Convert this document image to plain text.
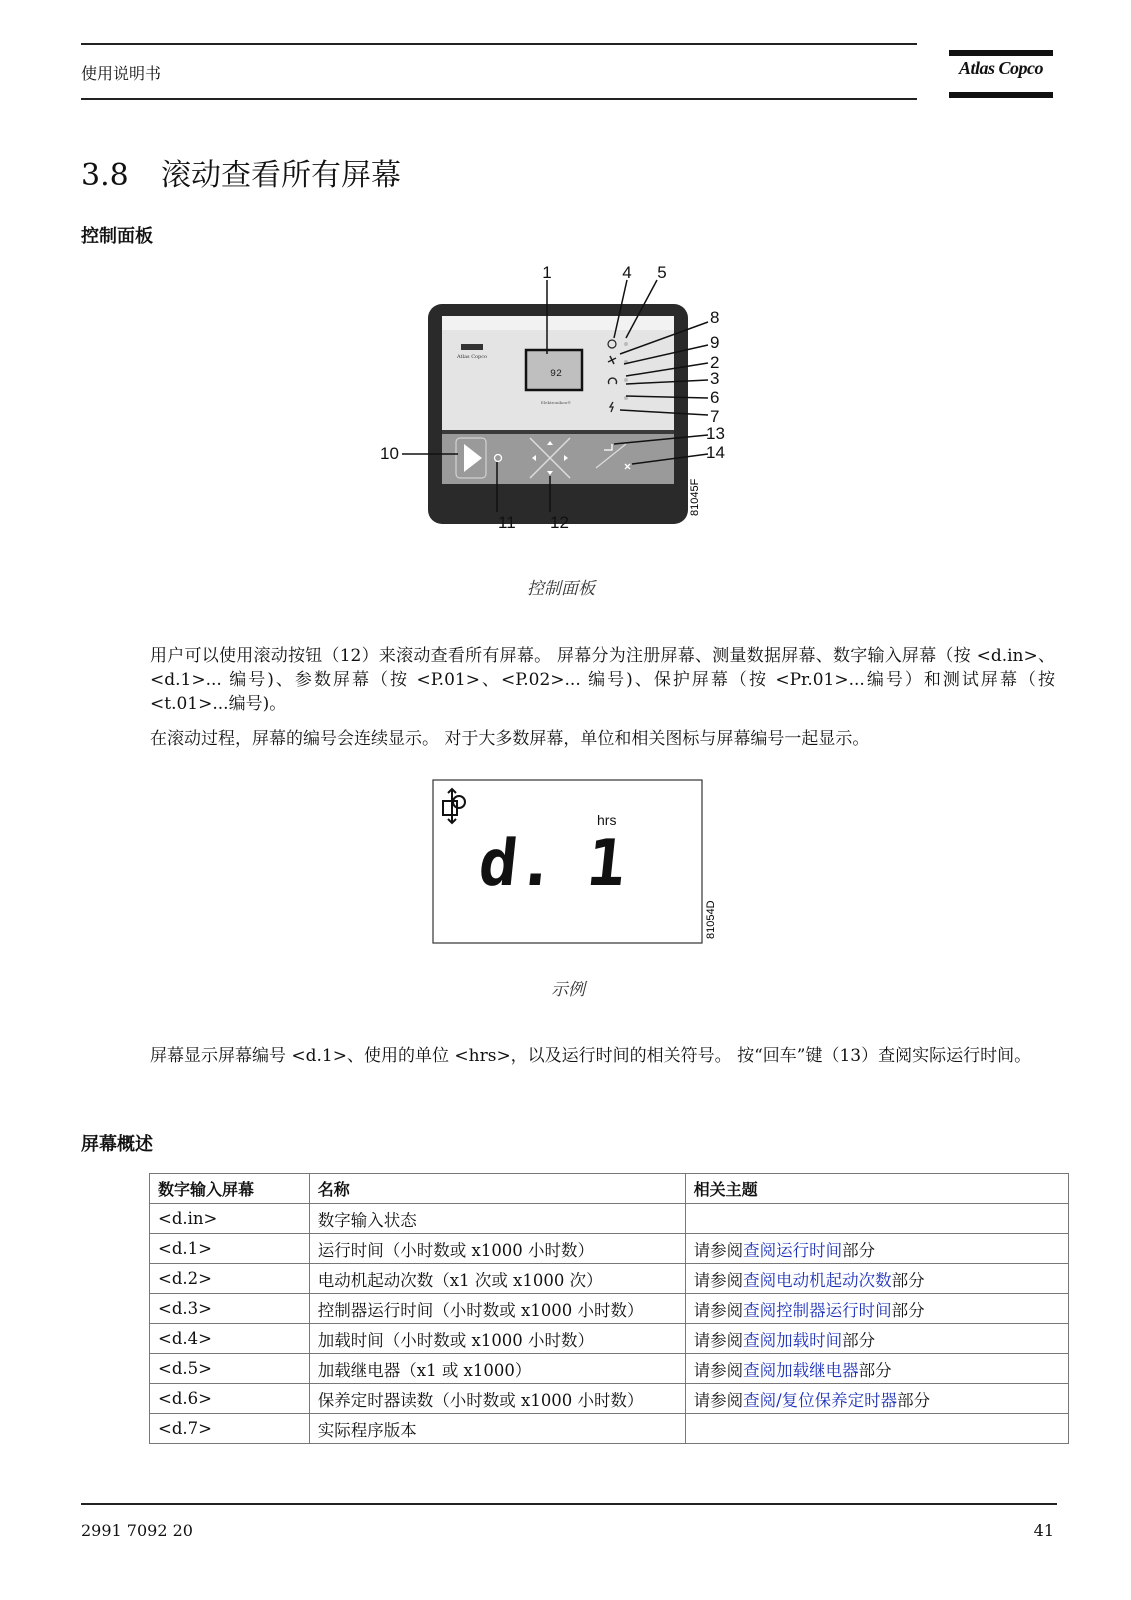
使用说明书	Atlas Copco
3.8 滚动查看所有屏幕
控制面板
Atlas Copco
92
Elektronikon®
1	4 5
8
9
2
3
6
7
13
14
10
11 12
81045F
控制面板

用户可以使用滚动按钮（12）来滚动查看所有屏幕。 屏幕分为注册屏幕、测量数据屏幕、数字输入屏幕（按 <d.in>、<d.1>... 编号)、参数屏幕（按 <P.01>、<P.02>... 编号)、保护屏幕（按 <Pr.01>...编号）和测试屏幕（按 <t.01>...编号)。

在滚动过程，屏幕的编号会连续显示。 对于大多数屏幕，单位和相关图标与屏幕编号一起显示。

hrs
d. 1
81054D
示例

屏幕显示屏幕编号 <d.1>、使用的单位 <hrs>，以及运行时间的相关符号。 按“回车”键（13）查阅实际运行时间。

屏幕概述
数字输入屏幕	名称	相关主题
<d.in>	数字输入状态	
<d.1>	运行时间（小时数或 x1000 小时数）	请参阅查阅运行时间部分
<d.2>	电动机起动次数（x1 次或 x1000 次）	请参阅查阅电动机起动次数部分
<d.3>	控制器运行时间（小时数或 x1000 小时数）	请参阅查阅控制器运行时间部分
<d.4>	加载时间（小时数或 x1000 小时数）	请参阅查阅加载时间部分
<d.5>	加载继电器（x1 或 x1000）	请参阅查阅加载继电器部分
<d.6>	保养定时器读数（小时数或 x1000 小时数）	请参阅查阅/复位保养定时器部分
<d.7>	实际程序版本	
2991 7092 20	41
